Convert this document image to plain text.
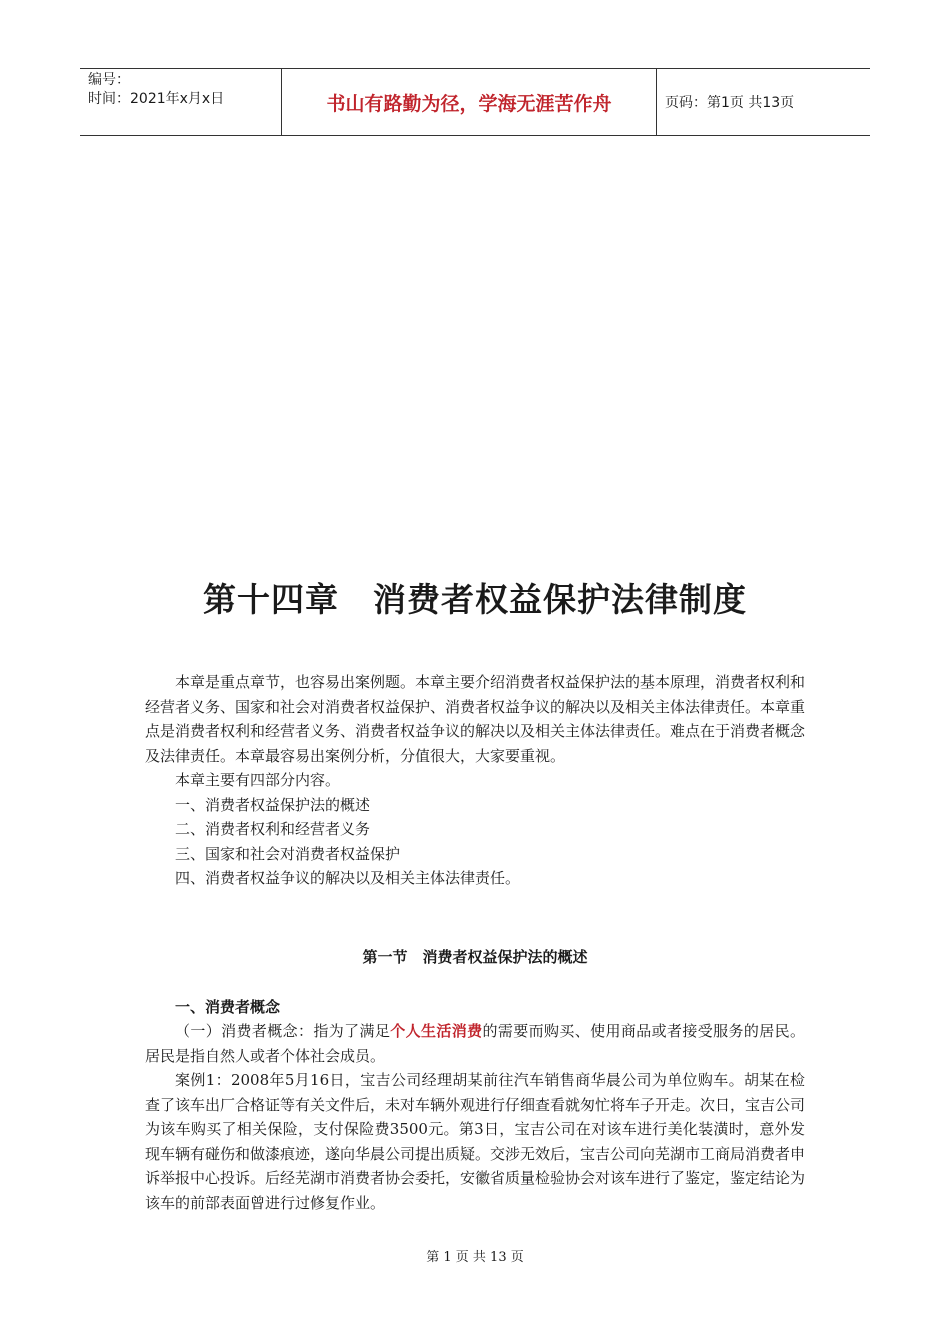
编号：
时间：2021年x月x日	书山有路勤为径，学海无涯苦作舟	页码：第1页 共13页
第十四章　消费者权益保护法律制度

本章是重点章节，也容易出案例题。本章主要介绍消费者权益保护法的基本原理，消费者权利和经营者义务、国家和社会对消费者权益保护、消费者权益争议的解决以及相关主体法律责任。本章重点是消费者权利和经营者义务、消费者权益争议的解决以及相关主体法律责任。难点在于消费者概念及法律责任。本章最容易出案例分析，分值很大，大家要重视。

本章主要有四部分内容。

一、消费者权益保护法的概述

二、消费者权利和经营者义务

三、国家和社会对消费者权益保护

四、消费者权益争议的解决以及相关主体法律责任。

第一节　消费者权益保护法的概述
一、消费者概念

（一）消费者概念：指为了满足个人生活消费的需要而购买、使用商品或者接受服务的居民。居民是指自然人或者个体社会成员。

案例1：2008年5月16日，宝吉公司经理胡某前往汽车销售商华晨公司为单位购车。胡某在检查了该车出厂合格证等有关文件后，未对车辆外观进行仔细查看就匆忙将车子开走。次日，宝吉公司为该车购买了相关保险，支付保险费3500元。第3日，宝吉公司在对该车进行美化装潢时，意外发现车辆有碰伤和做漆痕迹，遂向华晨公司提出质疑。交涉无效后，宝吉公司向芜湖市工商局消费者申诉举报中心投诉。后经芜湖市消费者协会委托，安徽省质量检验协会对该车进行了鉴定，鉴定结论为该车的前部表面曾进行过修复作业。

第 1 页 共 13 页
